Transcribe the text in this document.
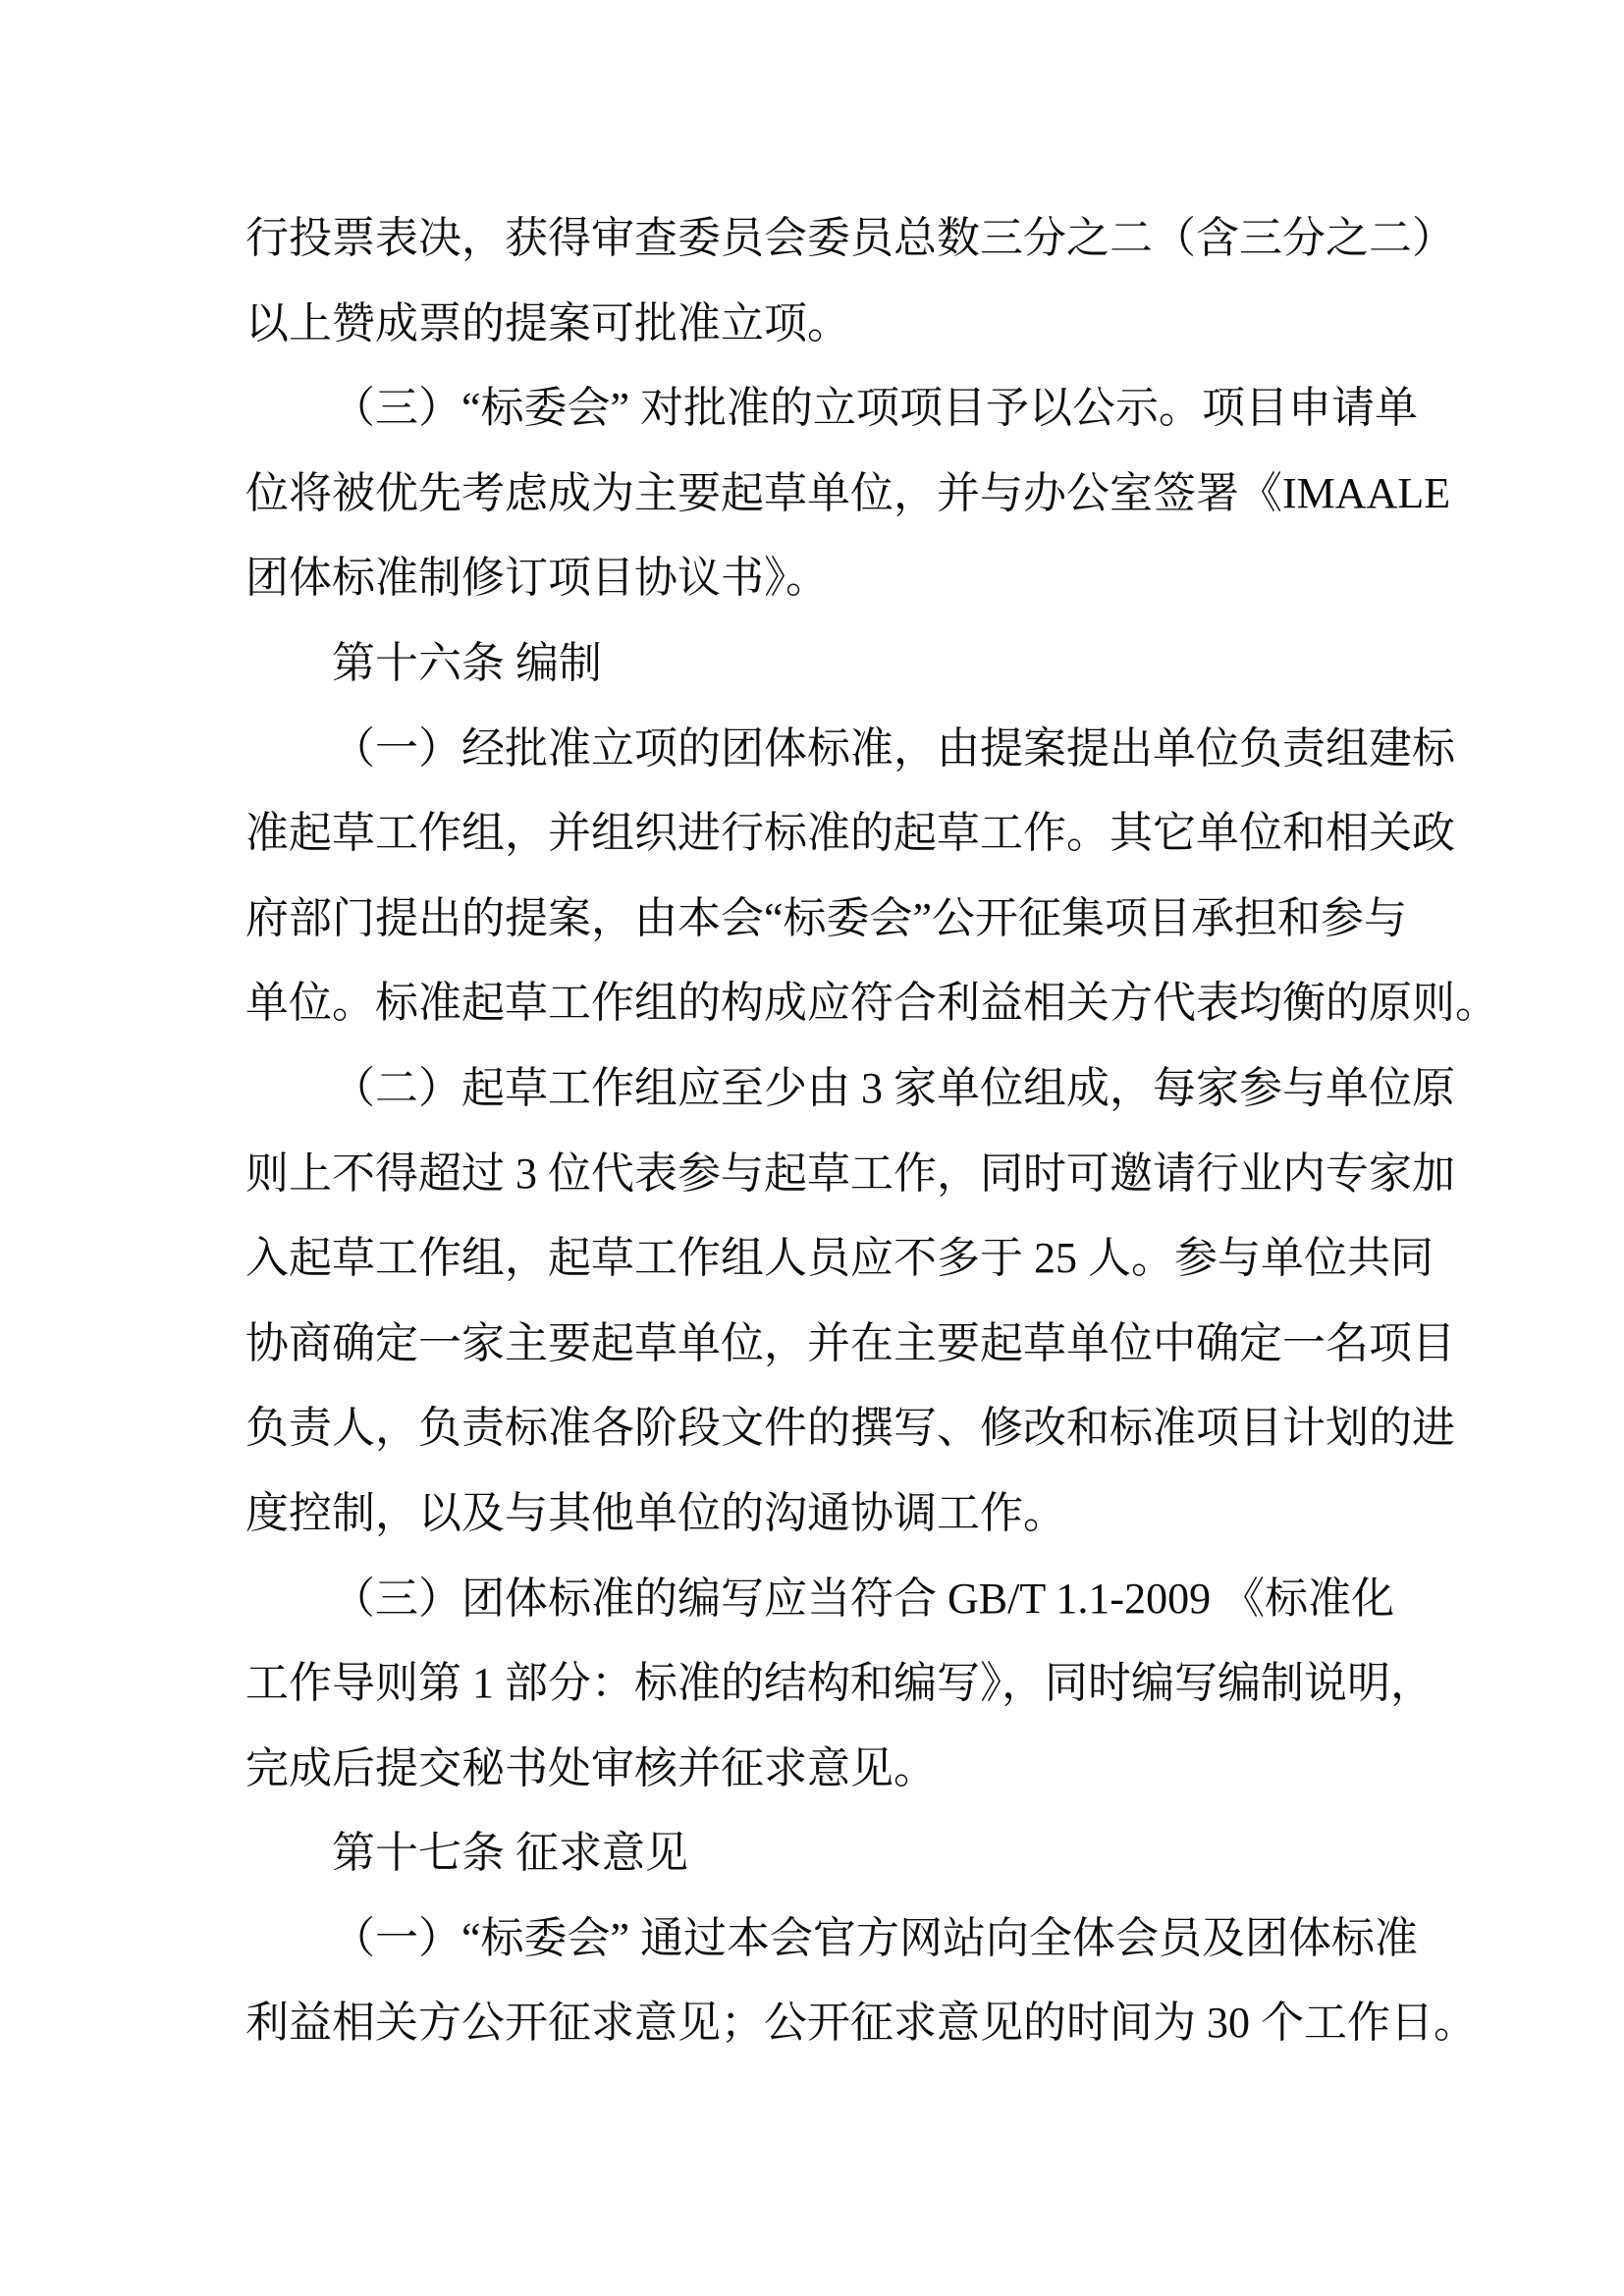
行投票表决，获得审查委员会委员总数三分之二（含三分之二）
以上赞成票的提案可批准立项。
（三）“标委会” 对批准的立项项目予以公示。项目申请单
位将被优先考虑成为主要起草单位，并与办公室签署《IMAALE
团体标准制修订项目协议书》。
第十六条 编制
（一）经批准立项的团体标准，由提案提出单位负责组建标
准起草工作组，并组织进行标准的起草工作。其它单位和相关政
府部门提出的提案，由本会“标委会”公开征集项目承担和参与
单位。标准起草工作组的构成应符合利益相关方代表均衡的原则。
（二）起草工作组应至少由 3 家单位组成，每家参与单位原
则上不得超过 3 位代表参与起草工作，同时可邀请行业内专家加
入起草工作组，起草工作组人员应不多于 25 人。参与单位共同
协商确定一家主要起草单位，并在主要起草单位中确定一名项目
负责人，负责标准各阶段文件的撰写、修改和标准项目计划的进
度控制，以及与其他单位的沟通协调工作。
（三）团体标准的编写应当符合 GB/T 1.1-2009 《标准化
工作导则第 1 部分：标准的结构和编写》，同时编写编制说明，
完成后提交秘书处审核并征求意见。
第十七条 征求意见
（一）“标委会” 通过本会官方网站向全体会员及团体标准
利益相关方公开征求意见；公开征求意见的时间为 30 个工作日。
